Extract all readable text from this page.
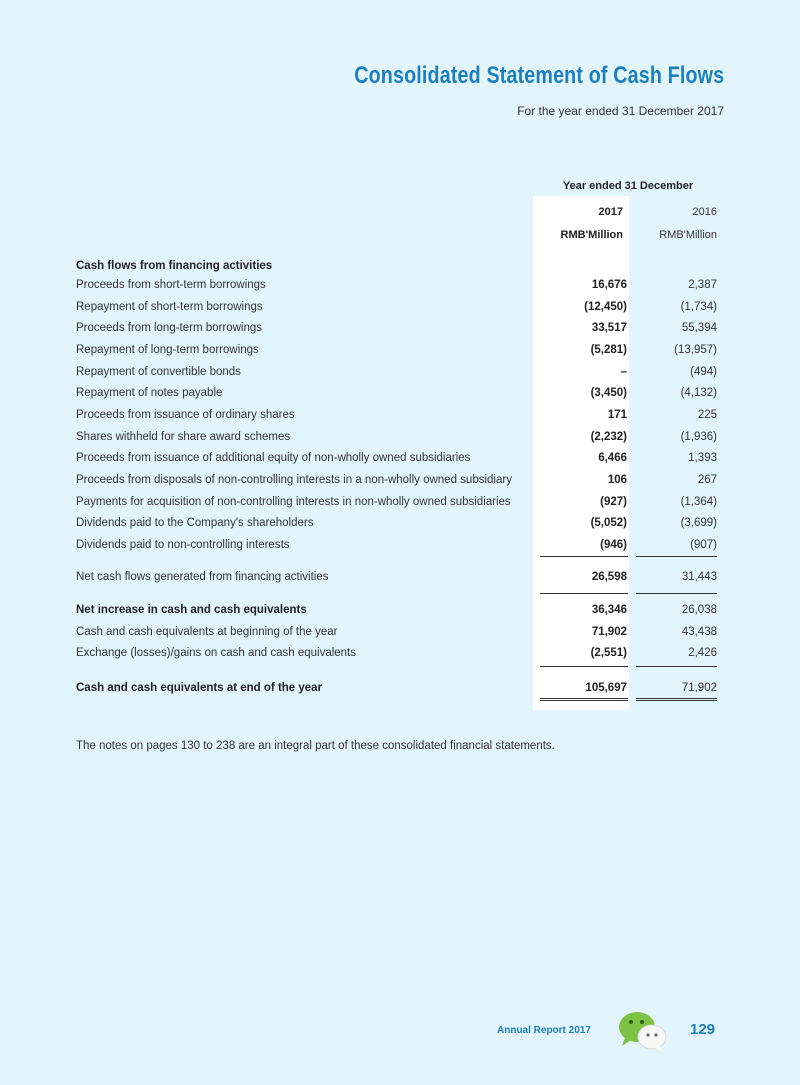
Consolidated Statement of Cash Flows
For the year ended 31 December 2017
Year ended 31 December
2017	2016
RMB'Million	RMB'Million
Cash flows from financing activities
Proceeds from short-term borrowings	16,676	2,387
Repayment of short-term borrowings	(12,450)	(1,734)
Proceeds from long-term borrowings	33,517	55,394
Repayment of long-term borrowings	(5,281)	(13,957)
Repayment of convertible bonds	–	(494)
Repayment of notes payable	(3,450)	(4,132)
Proceeds from issuance of ordinary shares	171	225
Shares withheld for share award schemes	(2,232)	(1,936)
Proceeds from issuance of additional equity of non-wholly owned subsidiaries	6,466	1,393
Proceeds from disposals of non-controlling interests in a non-wholly owned subsidiary	106	267
Payments for acquisition of non-controlling interests in non-wholly owned subsidiaries	(927)	(1,364)
Dividends paid to the Company's shareholders	(5,052)	(3,699)
Dividends paid to non-controlling interests	(946)	(907)
Net cash flows generated from financing activities	26,598	31,443
Net increase in cash and cash equivalents	36,346	26,038
Cash and cash equivalents at beginning of the year	71,902	43,438
Exchange (losses)/gains on cash and cash equivalents	(2,551)	2,426
Cash and cash equivalents at end of the year	105,697	71,902
The notes on pages 130 to 238 are an integral part of these consolidated financial statements.
Annual Report 2017	129
